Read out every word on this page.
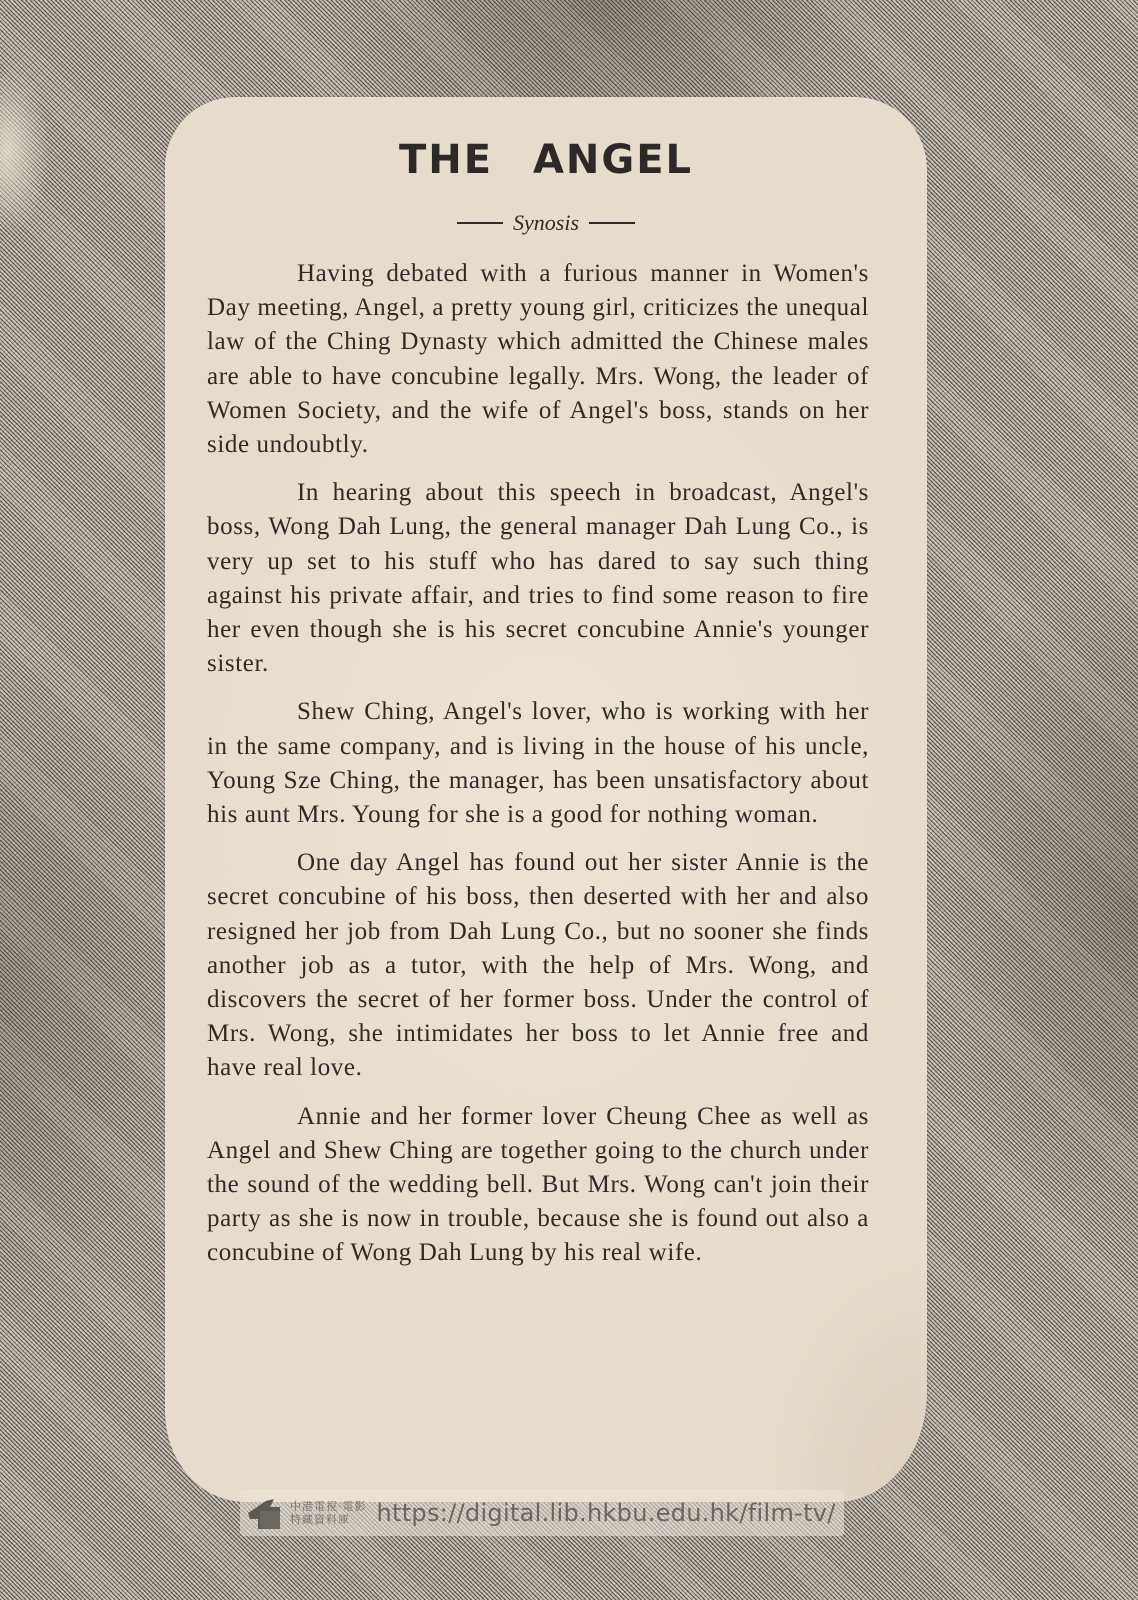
THE ANGEL
Synosis

Having debated with a furious manner in Women's Day meeting, Angel, a pretty young girl, criticizes the unequal law of the Ching Dynasty which admitted the Chinese males are able to have concubine legally. Mrs. Wong, the leader of Women Society, and the wife of Angel's boss, stands on her side undoubtly.

In hearing about this speech in broadcast, Angel's boss, Wong Dah Lung, the general manager Dah Lung Co., is very up set to his stuff who has dared to say such thing against his private affair, and tries to find some reason to fire her even though she is his secret concubine Annie's younger sister.

Shew Ching, Angel's lover, who is working with her in the same company, and is living in the house of his uncle, Young Sze Ching, the manager, has been unsatisfactory about his aunt Mrs. Young for she is a good for nothing woman.

One day Angel has found out her sister Annie is the secret concubine of his boss, then deserted with her and also resigned her job from Dah Lung Co., but no sooner she finds another job as a tutor, with the help of Mrs. Wong, and discovers the secret of her former boss. Under the control of Mrs. Wong, she intimidates her boss to let Annie free and have real love.

Annie and her former lover Cheung Chee as well as Angel and Shew Ching are together going to the church under the sound of the wedding bell. But Mrs. Wong can't join their party as she is now in trouble, because she is found out also a concubine of Wong Dah Lung by his real wife.

中港電視·電影
特藏資料庫	https://digital.lib.hkbu.edu.hk/film-tv/
